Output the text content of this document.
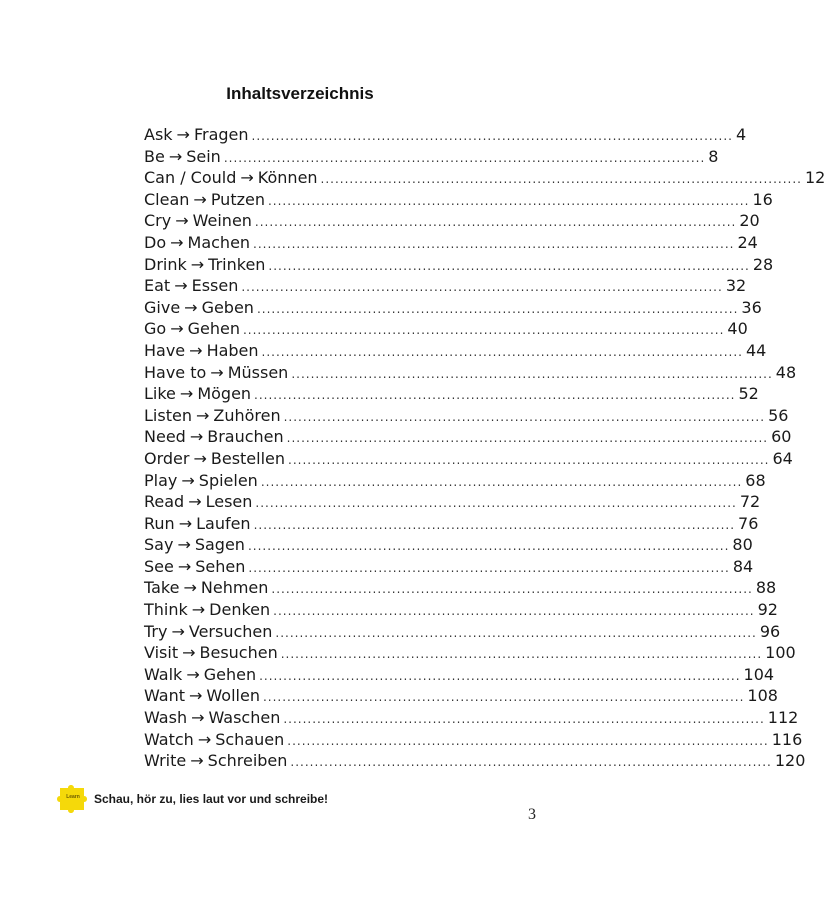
Inhaltsverzeichnis
Ask → Fragen .................................................................................................... 4
Be → Sein .................................................................................................... 8
Can / Could → Können .................................................................................................... 12
Clean → Putzen .................................................................................................... 16
Cry → Weinen .................................................................................................... 20
Do → Machen .................................................................................................... 24
Drink → Trinken .................................................................................................... 28
Eat → Essen .................................................................................................... 32
Give → Geben .................................................................................................... 36
Go → Gehen .................................................................................................... 40
Have → Haben .................................................................................................... 44
Have to → Müssen .................................................................................................... 48
Like → Mögen .................................................................................................... 52
Listen → Zuhören .................................................................................................... 56
Need → Brauchen .................................................................................................... 60
Order → Bestellen .................................................................................................... 64
Play → Spielen .................................................................................................... 68
Read → Lesen .................................................................................................... 72
Run → Laufen .................................................................................................... 76
Say → Sagen .................................................................................................... 80
See → Sehen .................................................................................................... 84
Take → Nehmen .................................................................................................... 88
Think → Denken .................................................................................................... 92
Try → Versuchen .................................................................................................... 96
Visit → Besuchen .................................................................................................... 100
Walk → Gehen .................................................................................................... 104
Want → Wollen .................................................................................................... 108
Wash → Waschen .................................................................................................... 112
Watch → Schauen .................................................................................................... 116
Write → Schreiben .................................................................................................... 120
Learn Schau, hör zu, lies laut vor und schreibe!
3
